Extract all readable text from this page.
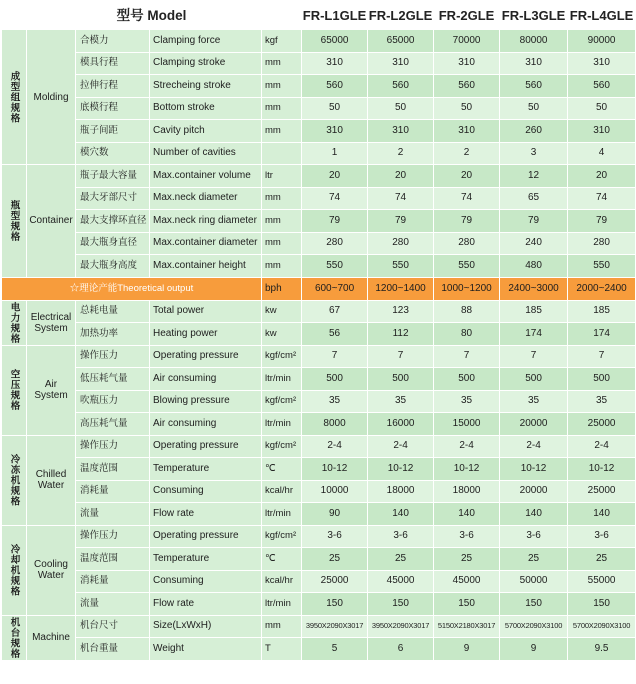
型号 Model					FR-L1GLE	FR-L2GLE	FR-2GLE	FR-L3GLE	FR-L4GLE
成型组规格	Molding	合模力	Clamping force	kgf	65000	65000	70000	80000	90000
		模具行程	Clamping stroke	mm	310	310	310	310	310
		拉伸行程	Strecheing stroke	mm	560	560	560	560	560
		底模行程	Bottom stroke	mm	50	50	50	50	50
		瓶子间距	Cavity pitch	mm	310	310	310	260	310
		模穴数	Number of cavities		1	2	2	3	4
瓶型规格	Container	瓶子最大容量	Max.container volume	ltr	20	20	20	12	20
		最大牙部尺寸	Max.neck diameter	mm	74	74	74	65	74
		最大支撑环直径	Max.neck ring diameter	mm	79	79	79	79	79
		最大瓶身直径	Max.container diameter	mm	280	280	280	240	280
		最大瓶身高度	Max.container height	mm	550	550	550	480	550
☆理论产能Theoretical output				bph	600~700	1200~1400	1000~1200	2400~3000	2000~2400
电力规格	Electrical System	总耗电量	Total power	kw	67	123	88	185	185
		加热功率	Heating power	kw	56	112	80	174	174
空压规格	Air System	操作压力	Operating pressure	kgf/cm²	7	7	7	7	7
		低压耗气量	Air consuming	ltr/min	500	500	500	500	500
		吹瓶压力	Blowing pressure	kgf/cm²	35	35	35	35	35
		高压耗气量	Air consuming	ltr/min	8000	16000	15000	20000	25000
冷冻机规格	Chilled Water	操作压力	Operating pressure	kgf/cm²	2-4	2-4	2-4	2-4	2-4
		温度范围	Temperature	℃	10-12	10-12	10-12	10-12	10-12
		消耗量	Consuming	kcal/hr	10000	18000	18000	20000	25000
		流量	Flow rate	ltr/min	90	140	140	140	140
冷却机规格	Cooling Water	操作压力	Operating pressure	kgf/cm²	3-6	3-6	3-6	3-6	3-6
		温度范围	Temperature	℃	25	25	25	25	25
		消耗量	Consuming	kcal/hr	25000	45000	45000	50000	55000
		流量	Flow rate	ltr/min	150	150	150	150	150
机台规格	Machine	机台尺寸	Size(LxWxH)	mm	3950X2090X3017	3950X2090X3017	5150X2180X3017	5700X2090X3100	5700X2090X3100
		机台重量	Weight	T	5	6	9	9	9.5
